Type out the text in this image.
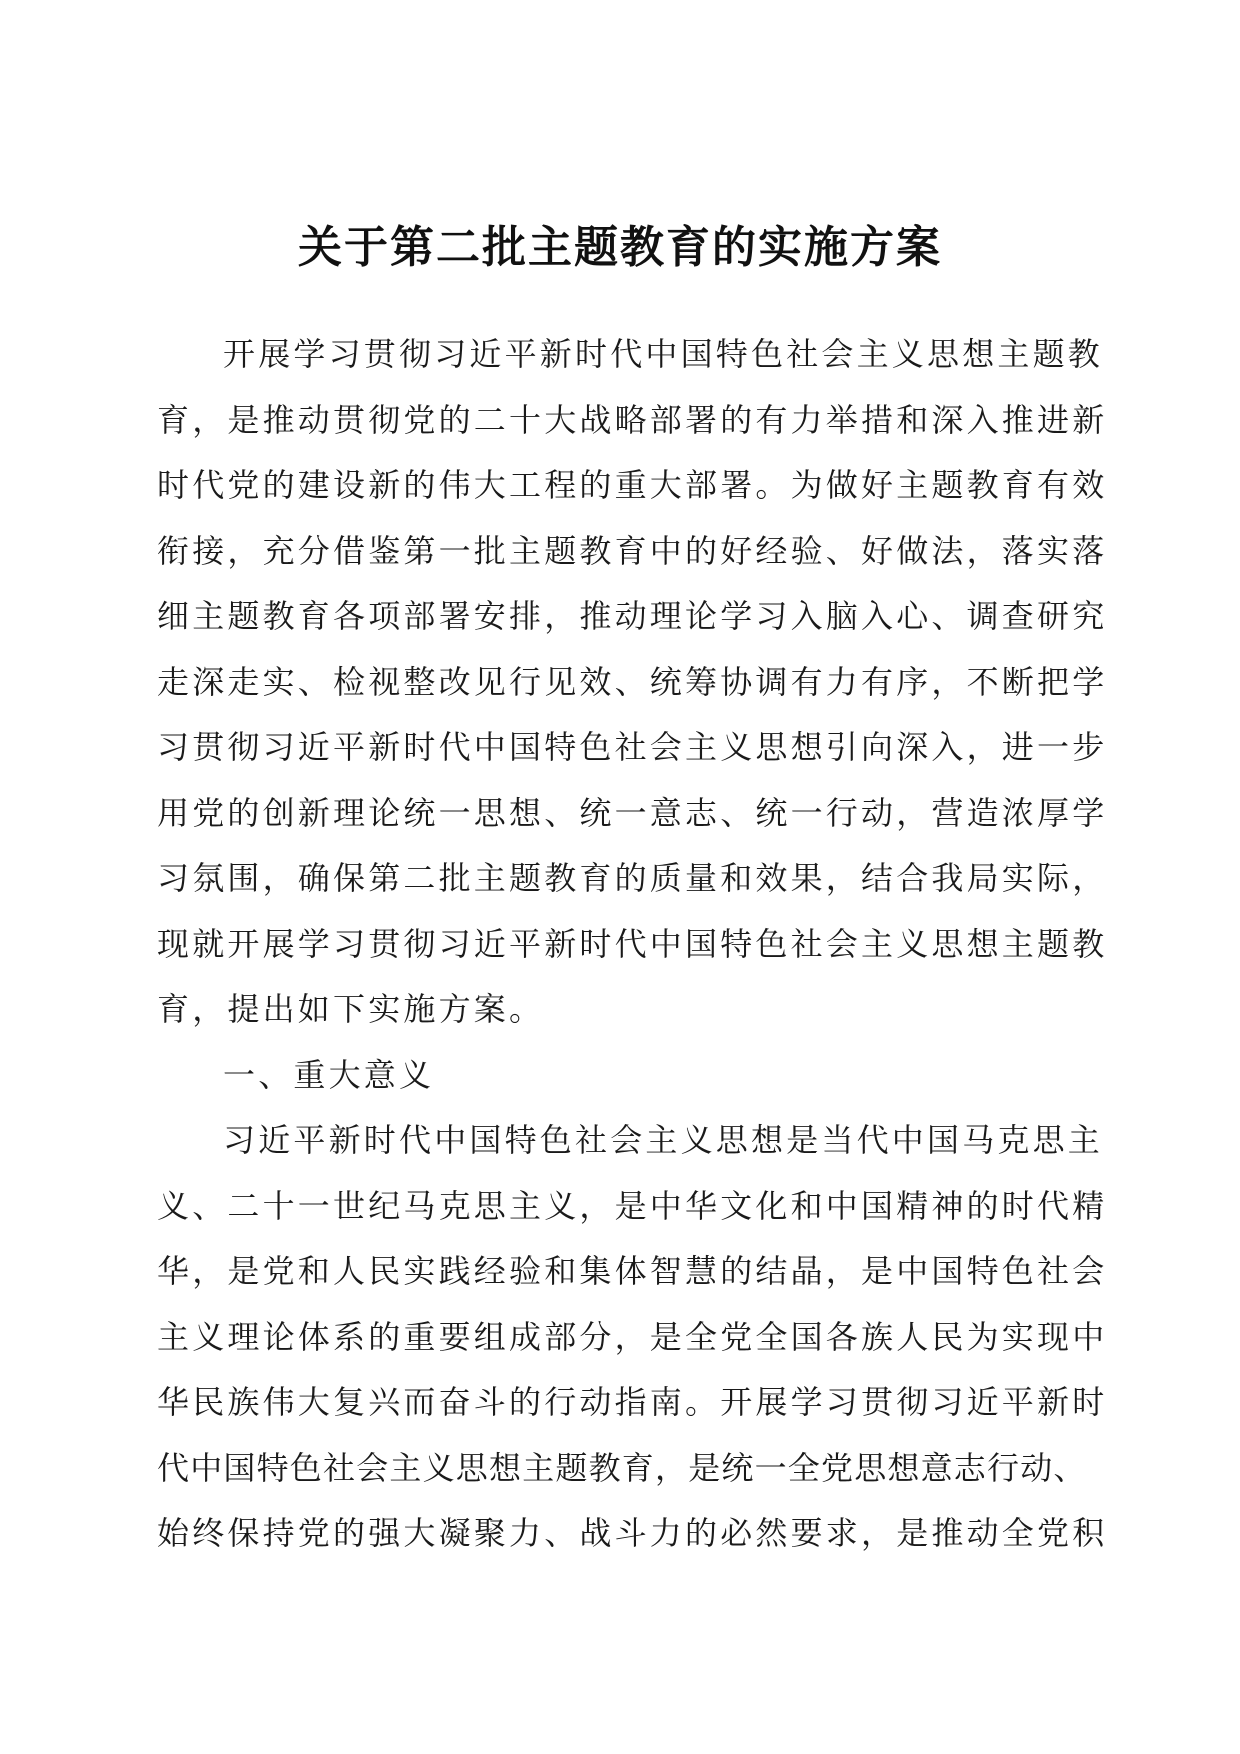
关于第二批主题教育的实施方案

开展学习贯彻习近平新时代中国特色社会主义思想主题教
育，是推动贯彻党的二十大战略部署的有力举措和深入推进新
时代党的建设新的伟大工程的重大部署。为做好主题教育有效
衔接，充分借鉴第一批主题教育中的好经验、好做法，落实落
细主题教育各项部署安排，推动理论学习入脑入心、调查研究
走深走实、检视整改见行见效、统筹协调有力有序，不断把学
习贯彻习近平新时代中国特色社会主义思想引向深入，进一步
用党的创新理论统一思想、统一意志、统一行动，营造浓厚学
习氛围，确保第二批主题教育的质量和效果，结合我局实际，
现就开展学习贯彻习近平新时代中国特色社会主义思想主题教
育，提出如下实施方案。

一、重大意义

习近平新时代中国特色社会主义思想是当代中国马克思主
义、二十一世纪马克思主义，是中华文化和中国精神的时代精
华，是党和人民实践经验和集体智慧的结晶，是中国特色社会
主义理论体系的重要组成部分，是全党全国各族人民为实现中
华民族伟大复兴而奋斗的行动指南。开展学习贯彻习近平新时
代中国特色社会主义思想主题教育，是统一全党思想意志行动、
始终保持党的强大凝聚力、战斗力的必然要求，是推动全党积
